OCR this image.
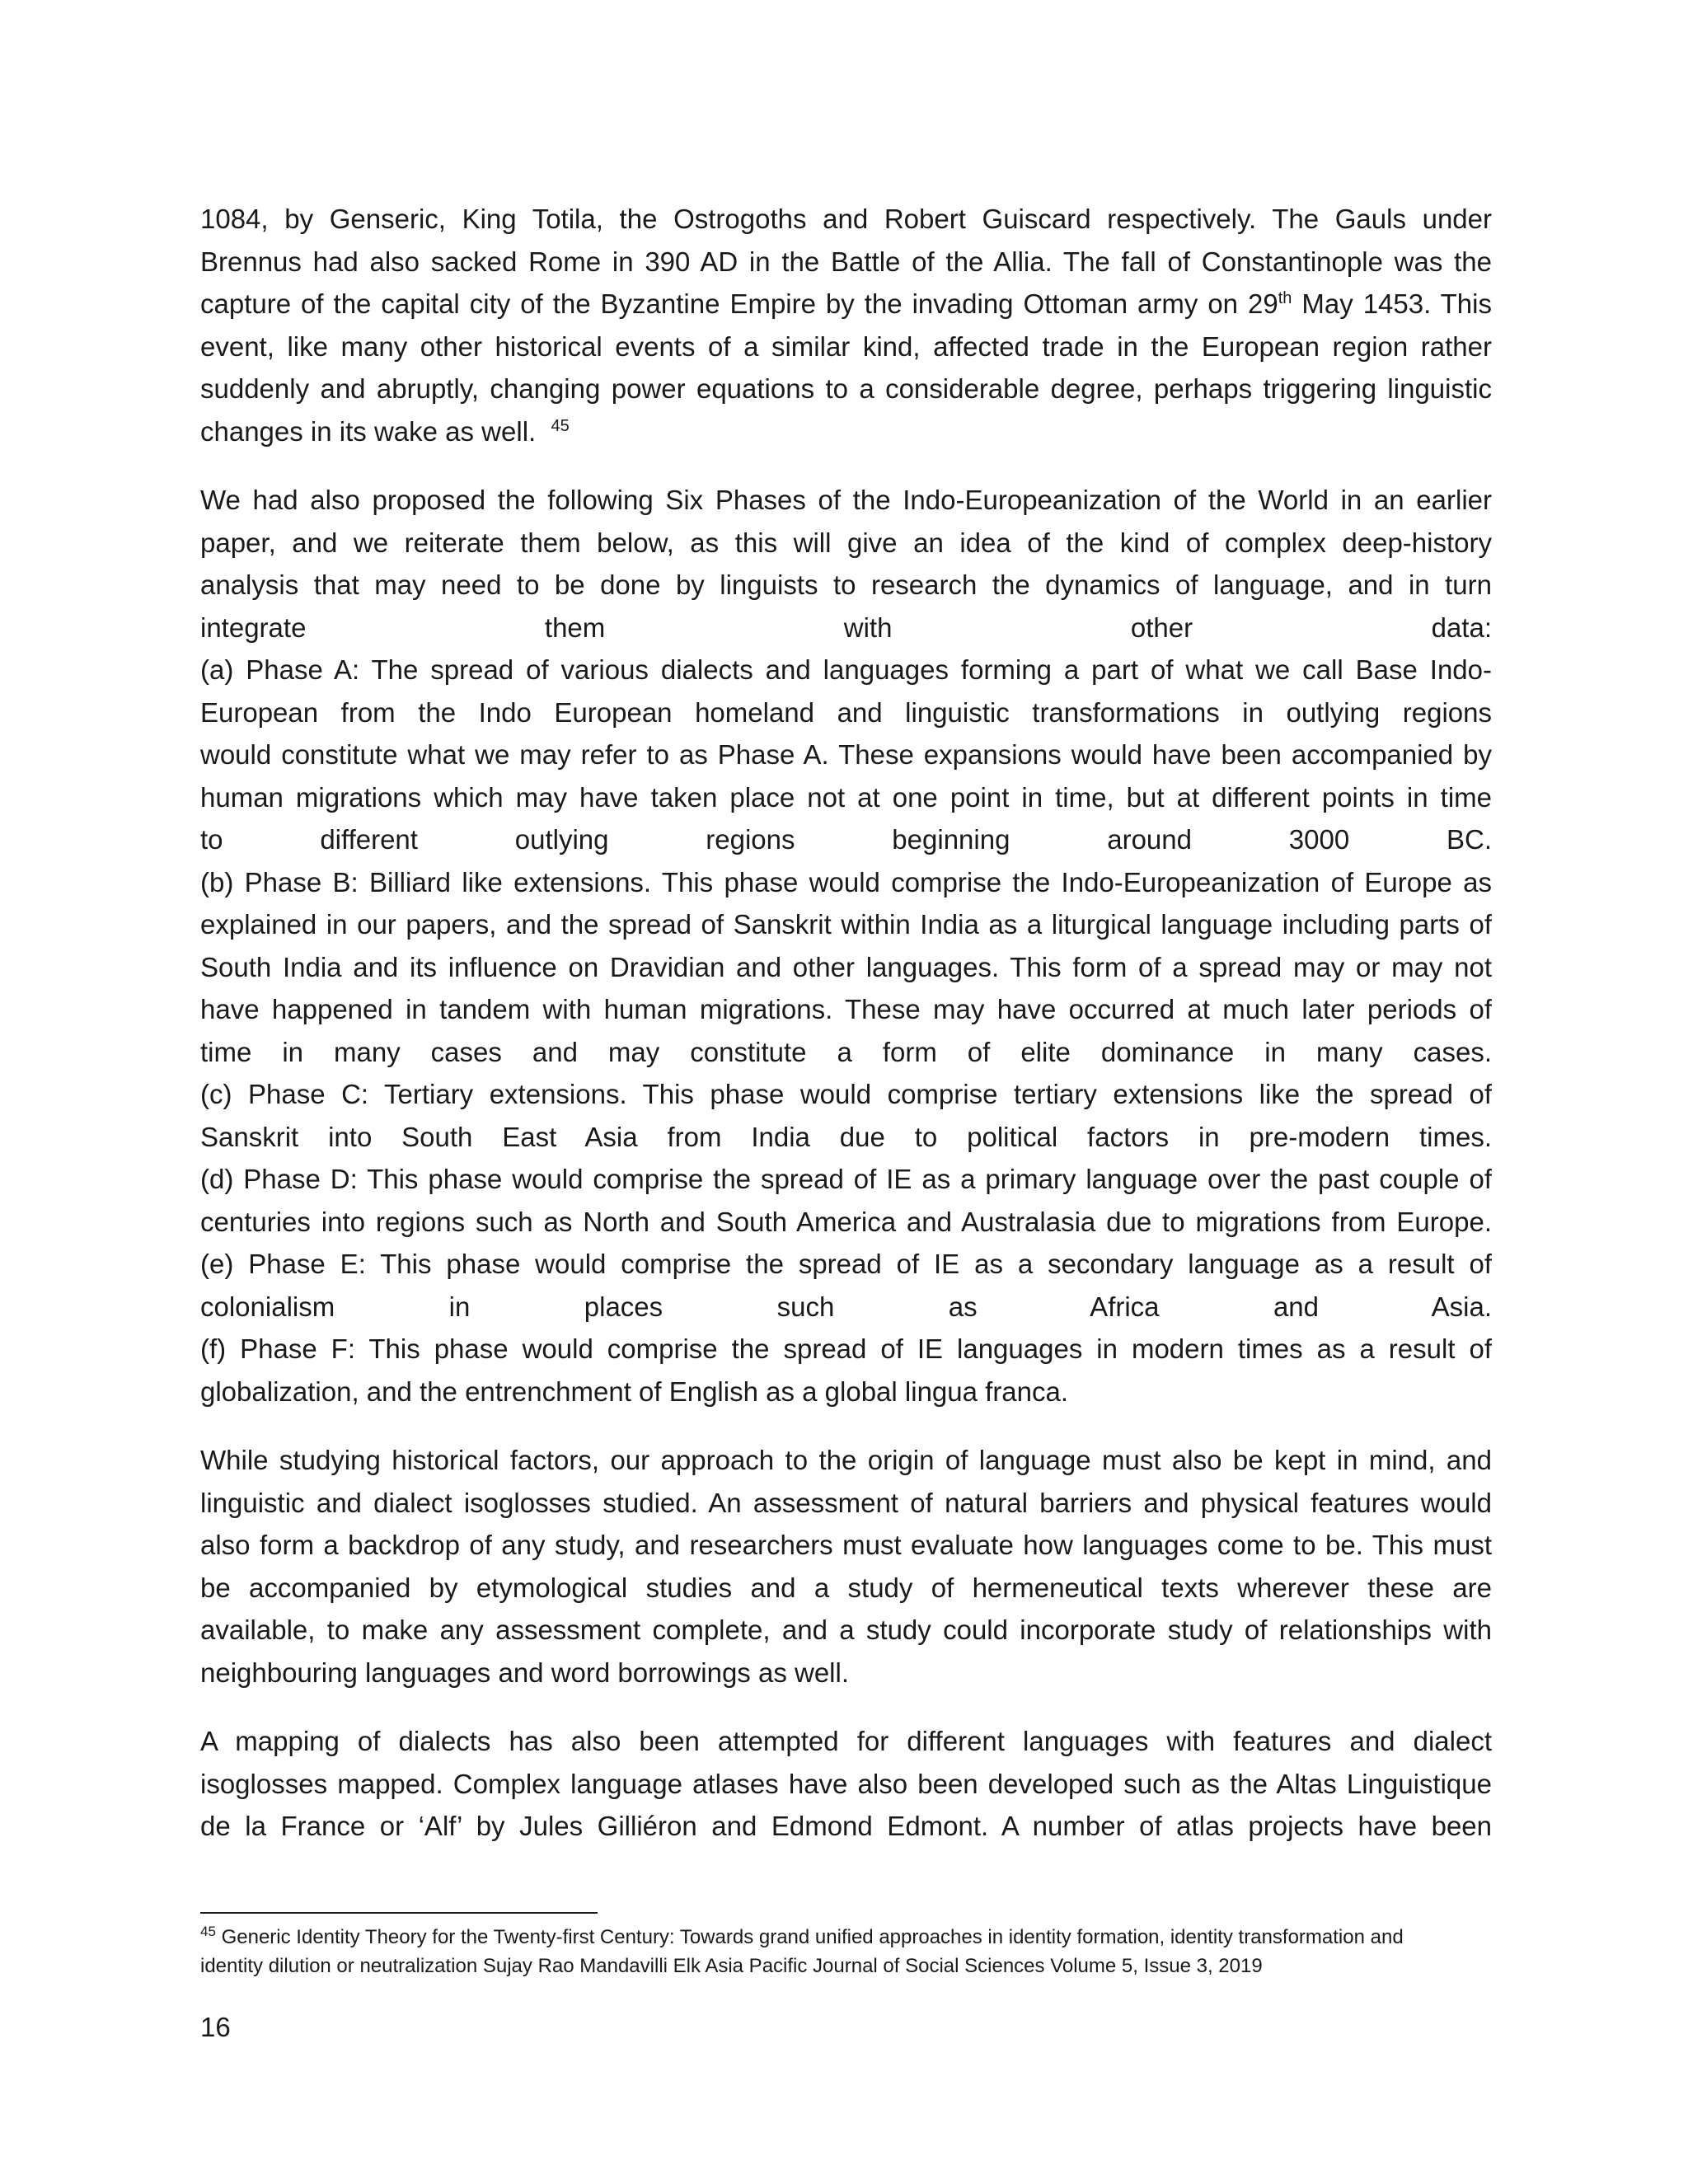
1084, by Genseric, King Totila, the Ostrogoths and Robert Guiscard respectively. The Gauls under
Brennus had also sacked Rome in 390 AD in the Battle of the Allia. The fall of Constantinople was the
capture of the capital city of the Byzantine Empire by the invading Ottoman army on 29th May 1453. This
event, like many other historical events of a similar kind, affected trade in the European region rather
suddenly and abruptly, changing power equations to a considerable degree, perhaps triggering linguistic
changes in its wake as well. $^{45}$

We had also proposed the following Six Phases of the Indo-Europeanization of the World in an earlier
paper, and we reiterate them below, as this will give an idea of the kind of complex deep-history
analysis that may need to be done by linguists to research the dynamics of language, and in turn
integrate them with other data:
(a) Phase A: The spread of various dialects and languages forming a part of what we call Base Indo-
European from the Indo European homeland and linguistic transformations in outlying regions
would constitute what we may refer to as Phase A. These expansions would have been accompanied by
human migrations which may have taken place not at one point in time, but at different points in time
to different outlying regions beginning around 3000 BC.
(b) Phase B: Billiard like extensions. This phase would comprise the Indo-Europeanization of Europe as
explained in our papers, and the spread of Sanskrit within India as a liturgical language including parts of
South India and its influence on Dravidian and other languages. This form of a spread may or may not
have happened in tandem with human migrations. These may have occurred at much later periods of
time in many cases and may constitute a form of elite dominance in many cases.
(c) Phase C: Tertiary extensions. This phase would comprise tertiary extensions like the spread of
Sanskrit into South East Asia from India due to political factors in pre-modern times.
(d) Phase D: This phase would comprise the spread of IE as a primary language over the past couple of
centuries into regions such as North and South America and Australasia due to migrations from Europe.
(e) Phase E: This phase would comprise the spread of IE as a secondary language as a result of
colonialism in places such as Africa and Asia.
(f) Phase F: This phase would comprise the spread of IE languages in modern times as a result of
globalization, and the entrenchment of English as a global lingua franca.

While studying historical factors, our approach to the origin of language must also be kept in mind, and
linguistic and dialect isoglosses studied. An assessment of natural barriers and physical features would
also form a backdrop of any study, and researchers must evaluate how languages come to be. This must
be accompanied by etymological studies and a study of hermeneutical texts wherever these are
available, to make any assessment complete, and a study could incorporate study of relationships with
neighbouring languages and word borrowings as well.

A mapping of dialects has also been attempted for different languages with features and dialect
isoglosses mapped. Complex language atlases have also been developed such as the Altas Linguistique
de la France or ‘Alf’ by Jules Gilliéron and Edmond Edmont. A number of atlas projects have been

$^{45}$ Generic Identity Theory for the Twenty-first Century: Towards grand unified approaches in identity formation, identity transformation and
identity dilution or neutralization Sujay Rao Mandavilli Elk Asia Pacific Journal of Social Sciences Volume 5, Issue 3, 2019
16
